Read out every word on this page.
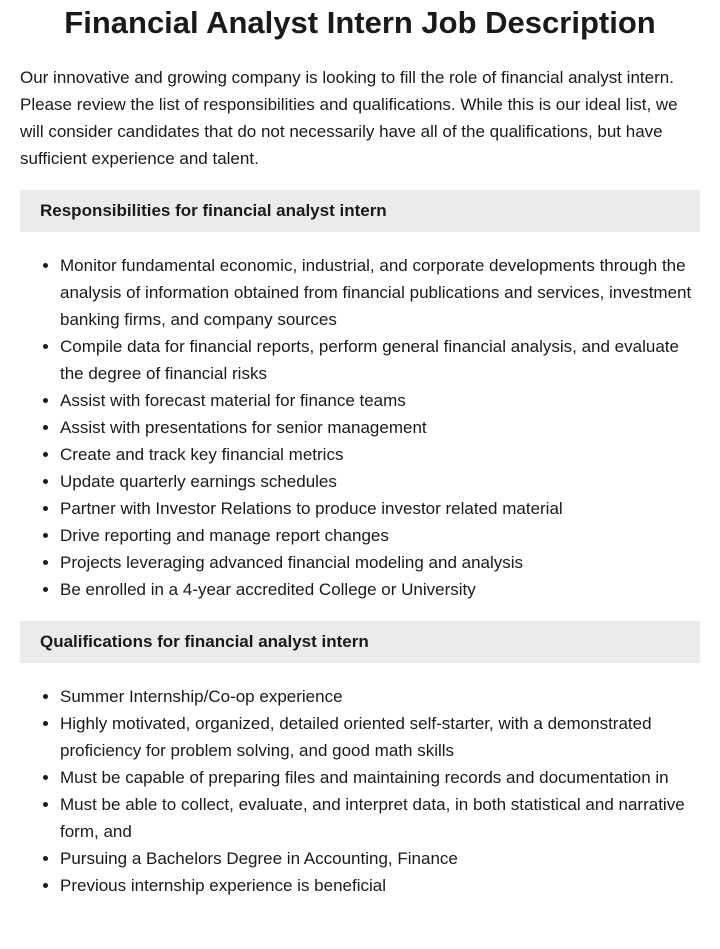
Financial Analyst Intern Job Description

Our innovative and growing company is looking to fill the role of financial analyst intern. Please review the list of responsibilities and qualifications. While this is our ideal list, we will consider candidates that do not necessarily have all of the qualifications, but have sufficient experience and talent.

Responsibilities for financial analyst intern
• Monitor fundamental economic, industrial, and corporate developments through the analysis of information obtained from financial publications and services, investment banking firms, and company sources
• Compile data for financial reports, perform general financial analysis, and evaluate the degree of financial risks
• Assist with forecast material for finance teams
• Assist with presentations for senior management
• Create and track key financial metrics
• Update quarterly earnings schedules
• Partner with Investor Relations to produce investor related material
• Drive reporting and manage report changes
• Projects leveraging advanced financial modeling and analysis
• Be enrolled in a 4-year accredited College or University
Qualifications for financial analyst intern
• Summer Internship/Co-op experience
• Highly motivated, organized, detailed oriented self-starter, with a demonstrated proficiency for problem solving, and good math skills
• Must be capable of preparing files and maintaining records and documentation in
• Must be able to collect, evaluate, and interpret data, in both statistical and narrative form, and
• Pursuing a Bachelors Degree in Accounting, Finance
• Previous internship experience is beneficial
